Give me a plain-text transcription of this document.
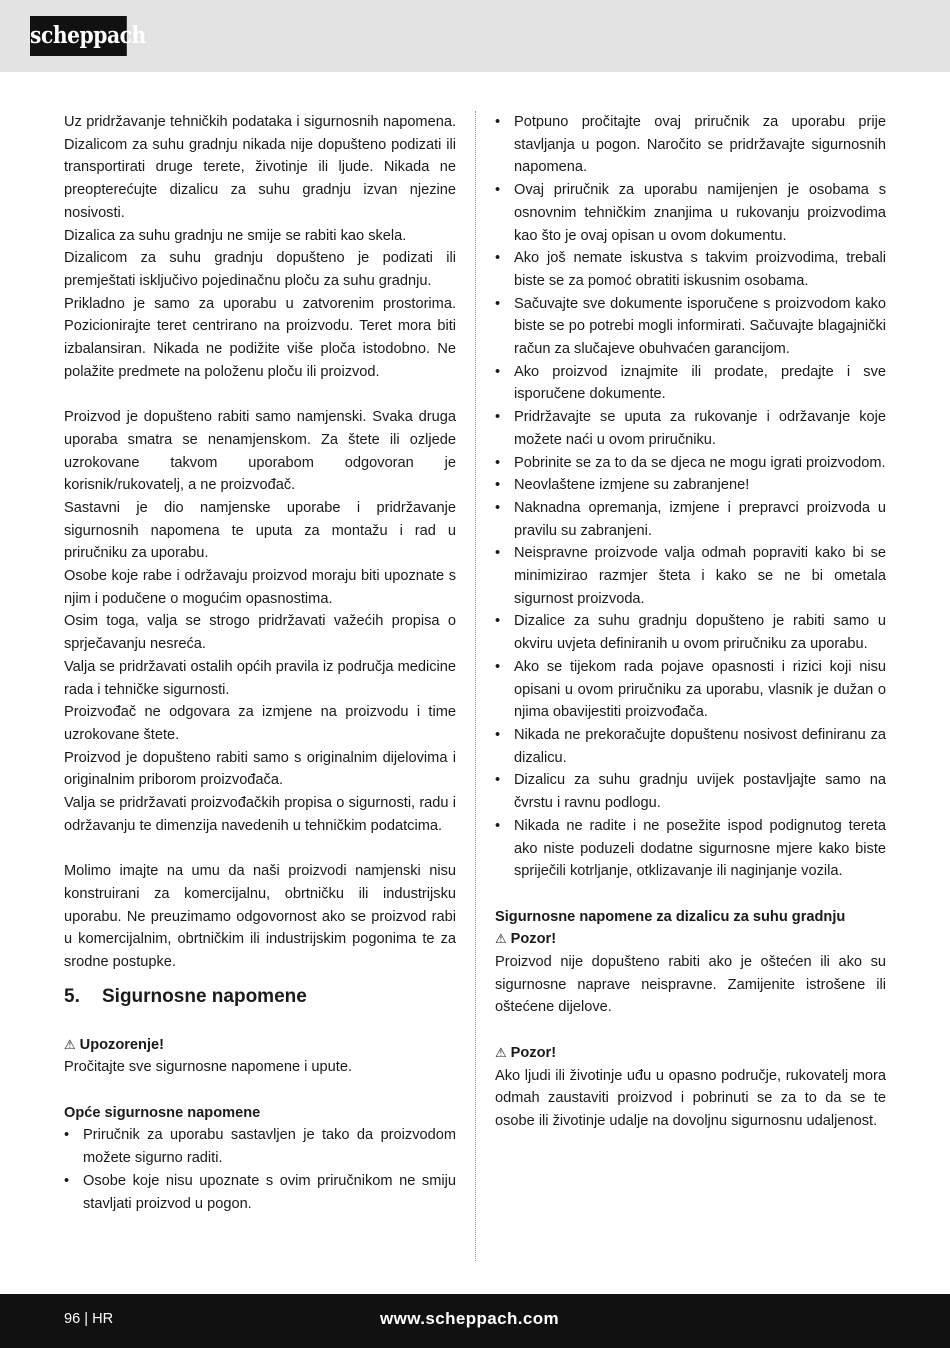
scheppach

Uz pridržavanje tehničkih podataka i sigurnosnih napomena. Dizalicom za suhu gradnju nikada nije dopušteno podizati ili transportirati druge terete, životinje ili ljude. Nikada ne preopterećujte dizalicu za suhu gradnju izvan njezine nosivosti.

Dizalica za suhu gradnju ne smije se rabiti kao skela.

Dizalicom za suhu gradnju dopušteno je podizati ili premještati isključivo pojedinačnu ploču za suhu gradnju.

Prikladno je samo za uporabu u zatvorenim prostorima. Pozicionirajte teret centrirano na proizvodu. Teret mora biti izbalansiran. Nikada ne podižite više ploča istodobno. Ne polažite predmete na položenu ploču ili proizvod.

Proizvod je dopušteno rabiti samo namjenski. Svaka druga uporaba smatra se nenamjenskom. Za štete ili ozljede uzrokovane takvom uporabom odgovoran je korisnik/rukovatelj, a ne proizvođač.

Sastavni je dio namjenske uporabe i pridržavanje sigurnosnih napomena te uputa za montažu i rad u priručniku za uporabu.

Osobe koje rabe i održavaju proizvod moraju biti upoznate s njim i podučene o mogućim opasnostima.

Osim toga, valja se strogo pridržavati važećih propisa o sprječavanju nesreća.

Valja se pridržavati ostalih općih pravila iz područja medicine rada i tehničke sigurnosti.

Proizvođač ne odgovara za izmjene na proizvodu i time uzrokovane štete.

Proizvod je dopušteno rabiti samo s originalnim dijelovima i originalnim priborom proizvođača.

Valja se pridržavati proizvođačkih propisa o sigurnosti, radu i održavanju te dimenzija navedenih u tehničkim podatcima.

Molimo imajte na umu da naši proizvodi namjenski nisu konstruirani za komercijalnu, obrtničku ili industrijsku uporabu. Ne preuzimamo odgovornost ako se proizvod rabi u komercijalnim, obrtničkim ili industrijskim pogonima te za srodne postupke.

5. Sigurnosne napomene

⚠ Upozorenje!

Pročitajte sve sigurnosne napomene i upute.

Opće sigurnosne napomene

• Priručnik za uporabu sastavljen je tako da proizvodom možete sigurno raditi.
• Osobe koje nisu upoznate s ovim priručnikom ne smiju stavljati proizvod u pogon.
• Potpuno pročitajte ovaj priručnik za uporabu prije stavljanja u pogon. Naročito se pridržavajte sigurnosnih napomena.
• Ovaj priručnik za uporabu namijenjen je osobama s osnovnim tehničkim znanjima u rukovanju proizvodima kao što je ovaj opisan u ovom dokumentu.
• Ako još nemate iskustva s takvim proizvodima, trebali biste se za pomoć obratiti iskusnim osobama.
• Sačuvajte sve dokumente isporučene s proizvodom kako biste se po potrebi mogli informirati. Sačuvajte blagajnički račun za slučajeve obuhvaćen garancijom.
• Ako proizvod iznajmite ili prodate, predajte i sve isporučene dokumente.
• Pridržavajte se uputa za rukovanje i održavanje koje možete naći u ovom priručniku.
• Pobrinite se za to da se djeca ne mogu igrati proizvodom.
• Neovlaštene izmjene su zabranjene!
• Naknadna opremanja, izmjene i prepravci proizvoda u pravilu su zabranjeni.
• Neispravne proizvode valja odmah popraviti kako bi se minimizirao razmjer šteta i kako se ne bi ometala sigurnost proizvoda.
• Dizalice za suhu gradnju dopušteno je rabiti samo u okviru uvjeta definiranih u ovom priručniku za uporabu.
• Ako se tijekom rada pojave opasnosti i rizici koji nisu opisani u ovom priručniku za uporabu, vlasnik je dužan o njima obavijestiti proizvođača.
• Nikada ne prekoračujte dopuštenu nosivost definiranu za dizalicu.
• Dizalicu za suhu gradnju uvijek postavljajte samo na čvrstu i ravnu podlogu.
• Nikada ne radite i ne posežite ispod podignutog tereta ako niste poduzeli dodatne sigurnosne mjere kako biste spriječili kotrljanje, otklizavanje ili naginjanje vozila.

Sigurnosne napomene za dizalicu za suhu gradnju

⚠ Pozor!

Proizvod nije dopušteno rabiti ako je oštećen ili ako su sigurnosne naprave neispravne. Zamijenite istrošene ili oštećene dijelove.

⚠ Pozor!

Ako ljudi ili životinje uđu u opasno područje, rukovatelj mora odmah zaustaviti proizvod i pobrinuti se za to da se te osobe ili životinje udalje na dovoljnu sigurnosnu udaljenost.

96 | HR	www.scheppach.com
